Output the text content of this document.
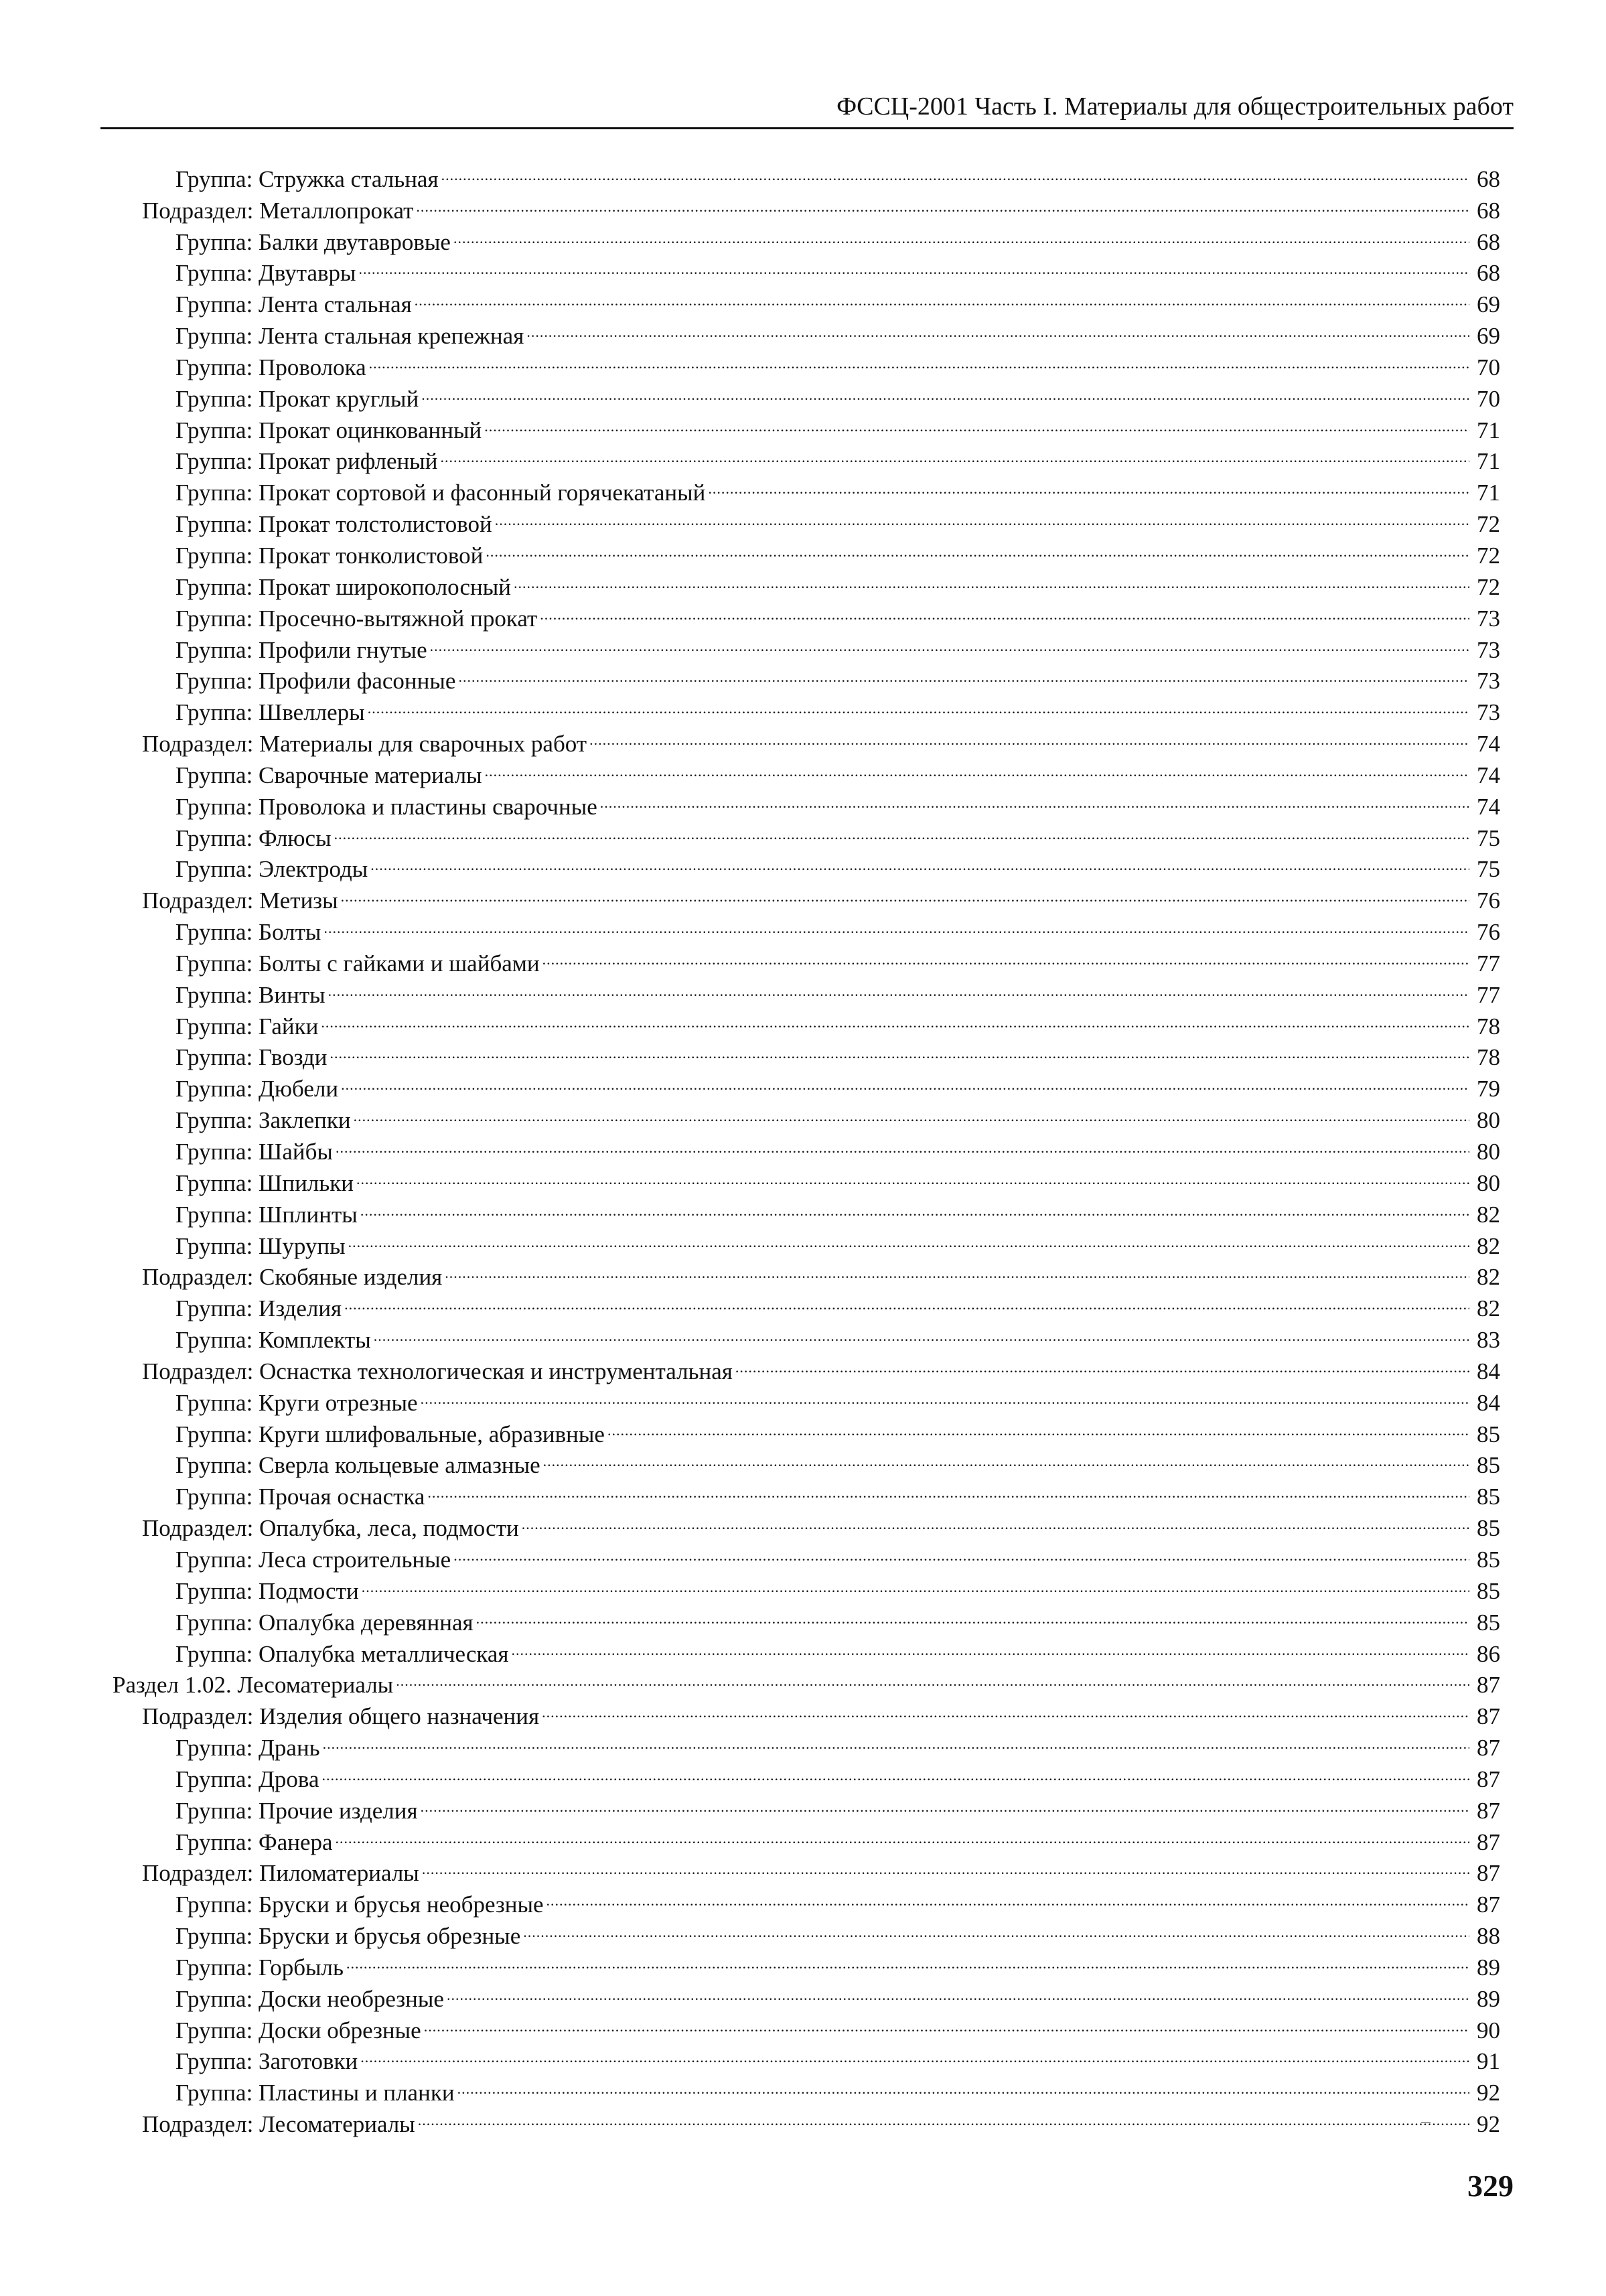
ФССЦ-2001 Часть I. Материалы для общестроительных работ
Группа: Стружка стальная .....	68
Подраздел: Металлопрокат .....	68
Группа: Балки двутавровые .....	68
Группа: Двутавры .....	68
Группа: Лента стальная .....	69
Группа: Лента стальная крепежная .....	69
Группа: Проволока .....	70
Группа: Прокат круглый .....	70
Группа: Прокат оцинкованный .....	71
Группа: Прокат рифленый .....	71
Группа: Прокат сортовой и фасонный горячекатаный .....	71
Группа: Прокат толстолистовой .....	72
Группа: Прокат тонколистовой .....	72
Группа: Прокат широкополосный .....	72
Группа: Просечно-вытяжной прокат .....	73
Группа: Профили гнутые .....	73
Группа: Профили фасонные .....	73
Группа: Швеллеры .....	73
Подраздел: Материалы для сварочных работ .....	74
Группа: Сварочные материалы .....	74
Группа: Проволока и пластины сварочные .....	74
Группа: Флюсы .....	75
Группа: Электроды .....	75
Подраздел: Метизы .....	76
Группа: Болты .....	76
Группа: Болты с гайками и шайбами .....	77
Группа: Винты .....	77
Группа: Гайки .....	78
Группа: Гвозди .....	78
Группа: Дюбели .....	79
Группа: Заклепки .....	80
Группа: Шайбы .....	80
Группа: Шпильки .....	80
Группа: Шплинты .....	82
Группа: Шурупы .....	82
Подраздел: Скобяные изделия .....	82
Группа: Изделия .....	82
Группа: Комплекты .....	83
Подраздел: Оснастка технологическая и инструментальная .....	84
Группа: Круги отрезные .....	84
Группа: Круги шлифовальные, абразивные .....	85
Группа: Сверла кольцевые алмазные .....	85
Группа: Прочая оснастка .....	85
Подраздел: Опалубка, леса, подмости .....	85
Группа: Леса строительные .....	85
Группа: Подмости .....	85
Группа: Опалубка деревянная .....	85
Группа: Опалубка металлическая .....	86
Раздел 1.02. Лесоматериалы .....	87
Подраздел: Изделия общего назначения .....	87
Группа: Дрань .....	87
Группа: Дрова .....	87
Группа: Прочие изделия .....	87
Группа: Фанера .....	87
Подраздел: Пиломатериалы .....	87
Группа: Бруски и брусья необрезные .....	87
Группа: Бруски и брусья обрезные .....	88
Группа: Горбыль .....	89
Группа: Доски необрезные .....	89
Группа: Доски обрезные .....	90
Группа: Заготовки .....	91
Группа: Пластины и планки .....	92
Подраздел: Лесоматериалы .....	92
329
